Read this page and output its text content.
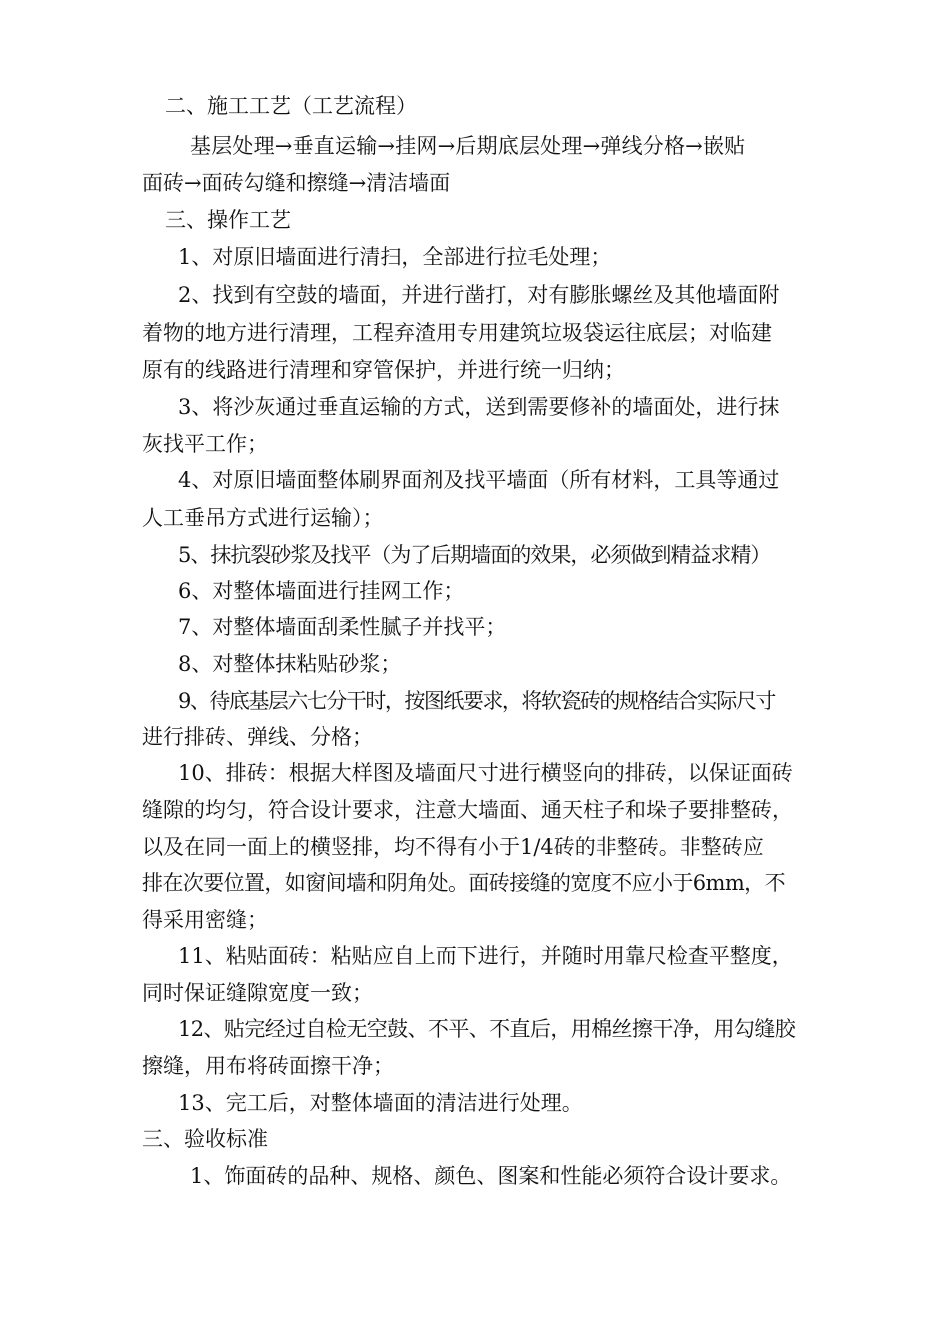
二、施工工艺（工艺流程）
基层处理→垂直运输→挂网→后期底层处理→弹线分格→嵌贴
面砖→面砖勾缝和擦缝→清洁墙面
三、操作工艺
1、对原旧墙面进行清扫，全部进行拉毛处理；
2、找到有空鼓的墙面，并进行凿打，对有膨胀螺丝及其他墙面附
着物的地方进行清理，工程弃渣用专用建筑垃圾袋运往底层；对临建
原有的线路进行清理和穿管保护，并进行统一归纳；
3、将沙灰通过垂直运输的方式，送到需要修补的墙面处，进行抹
灰找平工作；
4、对原旧墙面整体刷界面剂及找平墙面（所有材料，工具等通过
人工垂吊方式进行运输）；
5、抹抗裂砂浆及找平（为了后期墙面的效果，必须做到精益求精）
6、对整体墙面进行挂网工作；
7、对整体墙面刮柔性腻子并找平；
8、对整体抹粘贴砂浆；
9、待底基层六七分干时，按图纸要求，将软瓷砖的规格结合实际尺寸
进行排砖、弹线、分格；
10、排砖：根据大样图及墙面尺寸进行横竖向的排砖，以保证面砖
缝隙的均匀，符合设计要求，注意大墙面、通天柱子和垛子要排整砖，
以及在同一面上的横竖排，均不得有小于1/4砖的非整砖。非整砖应
排在次要位置，如窗间墙和阴角处。面砖接缝的宽度不应小于6mm，不
得采用密缝；
11、粘贴面砖：粘贴应自上而下进行，并随时用靠尺检查平整度，
同时保证缝隙宽度一致；
12、贴完经过自检无空鼓、不平、不直后，用棉丝擦干净，用勾缝胶
擦缝，用布将砖面擦干净；
13、完工后，对整体墙面的清洁进行处理。
三、验收标准
1、饰面砖的品种、规格、颜色、图案和性能必须符合设计要求。
